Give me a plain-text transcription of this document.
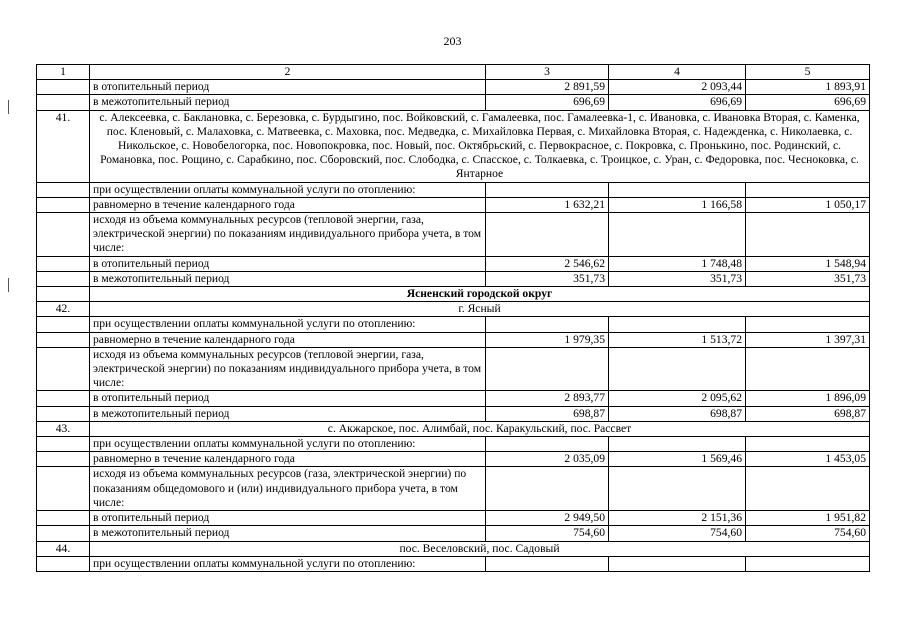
203
1	2	3	4	5
	в отопительный период	2 891,59	2 093,44	1 893,91
	в межотопительный период	696,69	696,69	696,69
41.	с. Алексеевка, с. Баклановка, с. Березовка, с. Бурдыгино, пос. Войковский, с. Гамалеевка, пос. Гамалеевка-1, с. Ивановка, с. Ивановка Вторая, с. Каменка, пос. Кленовый, с. Малаховка, с. Матвеевка, с. Маховка, пос. Медведка, с. Михайловка Первая, с. Михайловка Вторая, с. Надежденка, с. Николаевка, с. Никольское, с. Новобелогорка, пос. Новопокровка, пос. Новый, пос. Октябрьский, с. Первокрасное, с. Покровка, с. Пронькино, пос. Родинский, с. Романовка, пос. Рощино, с. Сарабкино, пос. Сборовский, пос. Слободка, с. Спасское, с. Толкаевка, с. Троицкое, с. Уран, с. Федоровка, пос. Чесноковка, с. Янтарное			
	при осуществлении оплаты коммунальной услуги по отоплению:			
	равномерно в течение календарного года	1 632,21	1 166,58	1 050,17
	исходя из объема коммунальных ресурсов (тепловой энергии, газа, электрической энергии) по показаниям индивидуального прибора учета, в том числе:			
	в отопительный период	2 546,62	1 748,48	1 548,94
	в межотопительный период	351,73	351,73	351,73
	Ясненский городской округ			
42.	г. Ясный			
	при осуществлении оплаты коммунальной услуги по отоплению:			
	равномерно в течение календарного года	1 979,35	1 513,72	1 397,31
	исходя из объема коммунальных ресурсов (тепловой энергии, газа, электрической энергии) по показаниям индивидуального прибора учета, в том числе:			
	в отопительный период	2 893,77	2 095,62	1 896,09
	в межотопительный период	698,87	698,87	698,87
43.	с. Акжарское, пос. Алимбай, пос. Каракульский, пос. Рассвет			
	при осуществлении оплаты коммунальной услуги по отоплению:			
	равномерно в течение календарного года	2 035,09	1 569,46	1 453,05
	исходя из объема коммунальных ресурсов (газа, электрической энергии) по показаниям общедомового и (или) индивидуального прибора учета, в том числе:			
	в отопительный период	2 949,50	2 151,36	1 951,82
	в межотопительный период	754,60	754,60	754,60
44.	пос. Веселовский, пос. Садовый			
	при осуществлении оплаты коммунальной услуги по отоплению:			
